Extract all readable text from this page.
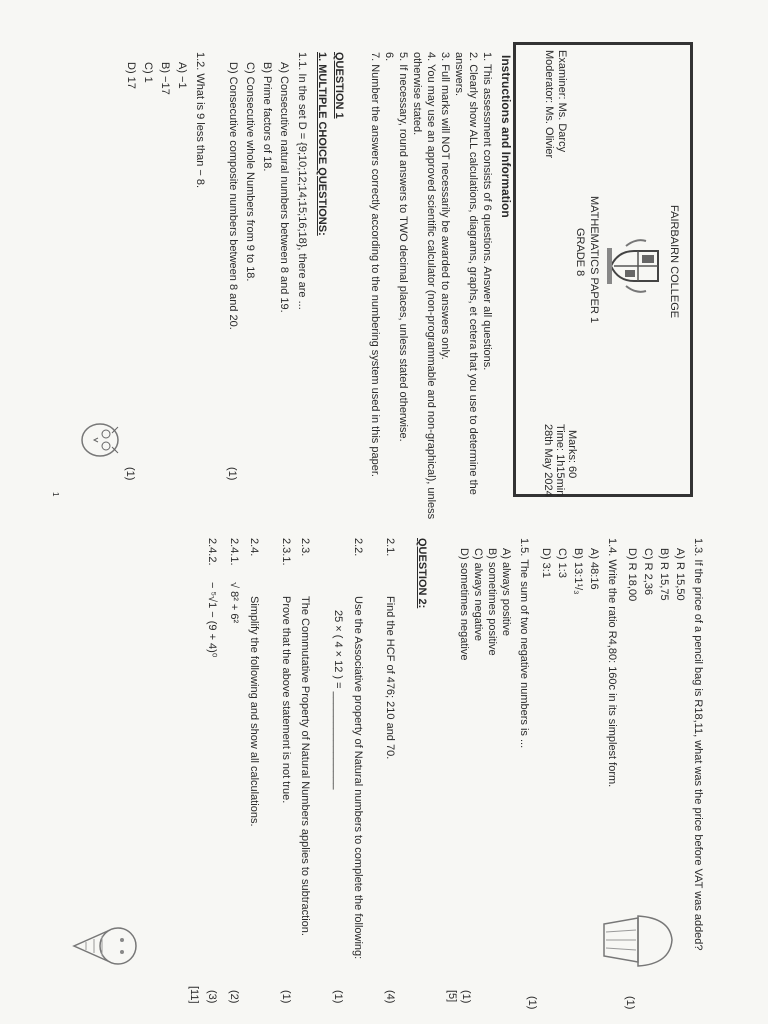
FAIRBAIRN COLLEGE
MATHEMATICS PAPER 1
GRADE 8
Marks: 60
Time: 1h15min
28th May 2024
Examiner: Ms. Darcy
Moderator: Ms. Olivier
Instructions and Information
1. This assessment consists of 6 questions. Answer all questions.
2. Clearly show ALL calculations, diagrams, graphs, et cetera that you use to determine the
answers.
3. Full marks will NOT necessarily be awarded to answers only.
4. You may use an approved scientific calculator (non-programmable and non-graphical), unless
otherwise stated.
5. If necessary, round answers to TWO decimal places, unless stated otherwise.
6.
7. Number the answers correctly according to the numbering system used in this paper.
QUESTION 1
1. MULTIPLE CHOICE QUESTIONS:
1.1. In the set D = {9;10;12;14;15;16;18}, there are ...
A) Consecutive natural numbers between 8 and 19.
B) Prime factors of 18.
C) Consecutive whole Numbers from 9 to 18.
D) Consecutive composite numbers between 8 and 20.
(1)
1.2. What is 9 less than − 8.
A) −1
B) −17
C) 1
D) 17
(1)
1
1.3. If the price of a pencil bag is R18,11, what was the price before VAT was added?
A) R 15,50
B) R 15,75
C) R 2,36
D) R 18,00
(1)
1.4. Write the ratio R4,80: 160c in its simplest form.
A) 48:16
B) 13:1¹/₃
C) 1:3
D) 3:1
(1)
1.5. The sum of two negative numbers is ...
A) always positive
B) sometimes positive
C) always negative
D) sometimes negative
(1)
[5]
QUESTION 2:
2.1.
Find the HCF of 476; 210 and 70.
(4)
2.2.
Use the Associative property of Natural numbers to complete the following:
25 × ( 4 × 12 ) = ________________
(1)
2.3.
The Commutative Property of Natural Numbers applies to subtraction.
2.3.1.
Prove that the above statement is not true.
(1)
2.4.
Simplify the following and show all calculations.
2.4.1.
√ 8² + 6²
(2)
2.4.2.
− ⁵√1 − (9 + 4)⁰
(3)
[11]
